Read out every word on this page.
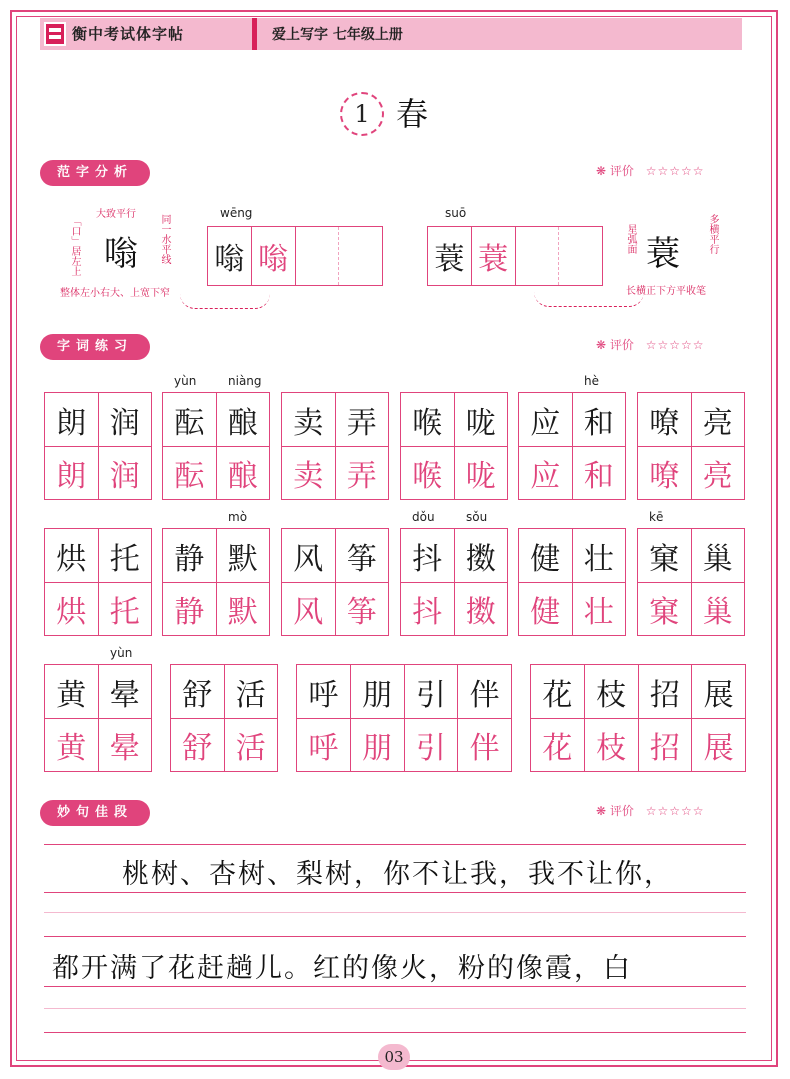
衡中考试体字帖	爱上写字 七年级上册
1 春
范字分析	❋ 评价 ☆☆☆☆☆
大致平行
「口」居左上	同一水平线
嗡
整体左小右大、上宽下窄
wēng
嗡 嗡
suō
蓑 蓑
星弧面 蓑	多横平行
长横正下方平收笔
字词练习	❋ 评价 ☆☆☆☆☆
朗 润
朗 润
酝 酿
酝 酿
yùn	niàng
卖 弄
卖 弄
喉 咙
喉 咙
应 和
应 和
hè
嘹 亮
嘹 亮
烘 托
烘 托
静 默
静 默
mò
风 筝
风 筝
抖 擞
抖 擞
dǒu	sǒu
健 壮
健 壮
窠 巢
窠 巢
kē
黄 晕
黄 晕
yùn
舒 活
舒 活
呼 朋 引 伴
呼 朋 引 伴
花 枝 招 展
花 枝 招 展
妙句佳段	❋ 评价 ☆☆☆☆☆
桃树、杏树、梨树，你不让我，我不让你，
都开满了花赶趟儿。红的像火，粉的像霞，白
03
